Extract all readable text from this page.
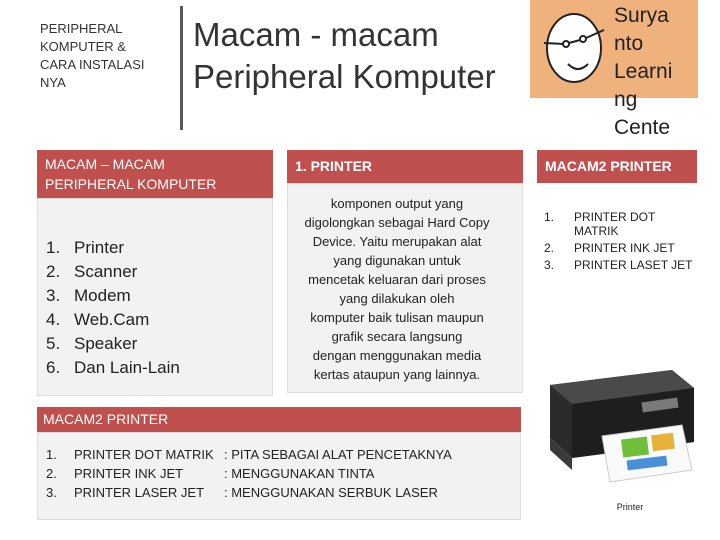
PERIPHERAL
KOMPUTER &
CARA INSTALASI
NYA
Macam - macam
Peripheral Komputer
Surya
nto
Learni
ng
Cente
MACAM – MACAM
PERIPHERAL KOMPUTER
1. Printer
2. Scanner
3. Modem
4. Web.Cam
5. Speaker
6. Dan Lain-Lain
1. PRINTER
komponen output yang
digolongkan sebagai Hard Copy
Device. Yaitu merupakan alat
yang digunakan untuk
mencetak keluaran dari proses
yang dilakukan oleh
komputer baik tulisan maupun
grafik secara langsung
dengan menggunakan media
kertas ataupun yang lainnya.
MACAM2 PRINTER
1.	PRINTER DOT
MATRIK
2.	PRINTER INK JET
3.	PRINTER LASET JET
Printer
MACAM2 PRINTER
1.	PRINTER DOT MATRIK : PITA SEBAGAI ALAT PENCETAKNYA
2.	PRINTER INK JET	: MENGGUNAKAN TINTA
3.	PRINTER LASER JET	: MENGGUNAKAN SERBUK LASER
